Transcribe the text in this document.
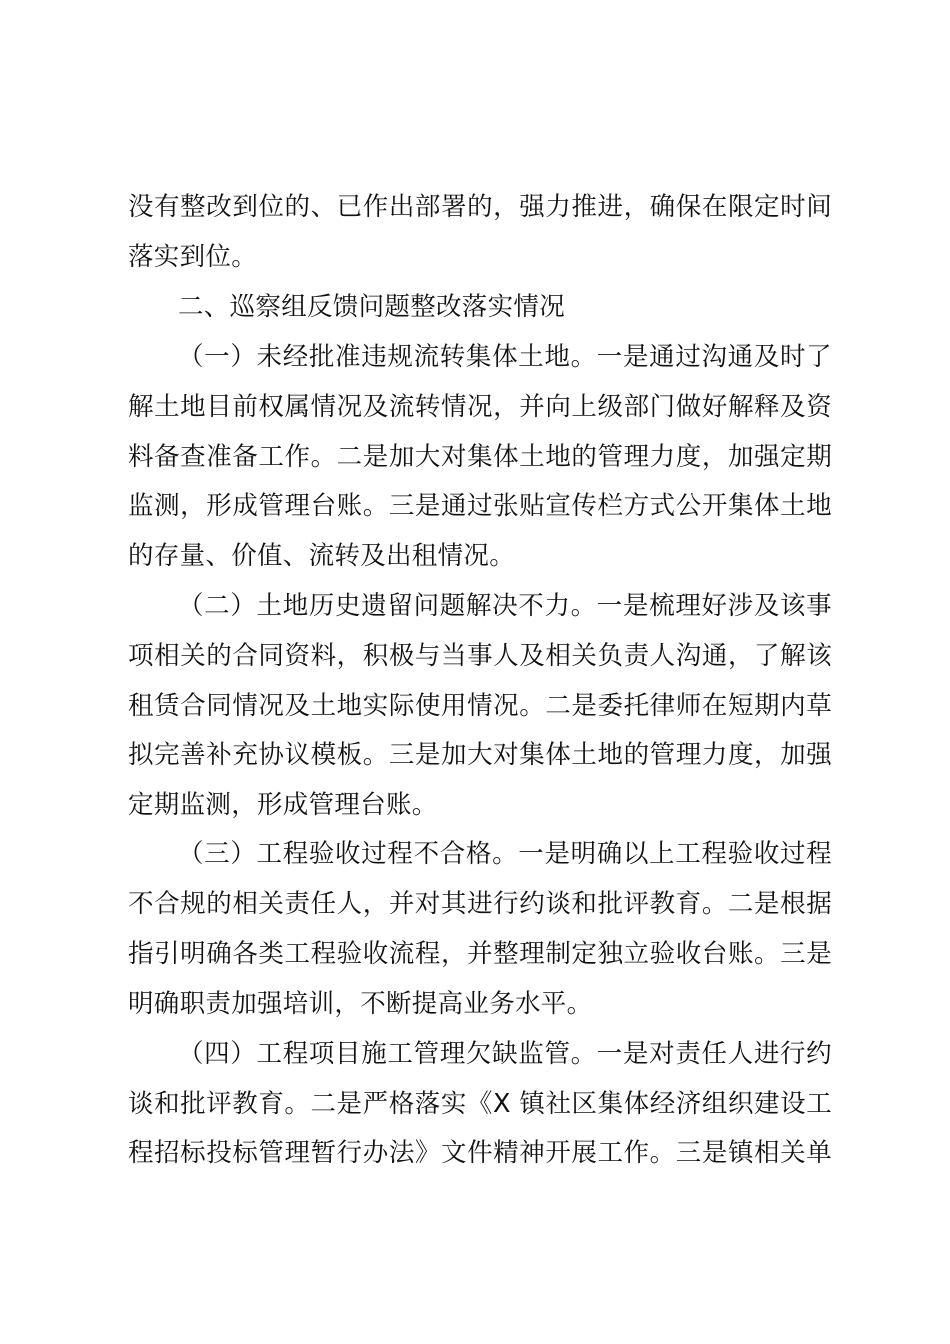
没有整改到位的、已作出部署的，强力推进，确保在限定时间
落实到位。
二、巡察组反馈问题整改落实情况
（一）未经批准违规流转集体土地。一是通过沟通及时了
解土地目前权属情况及流转情况，并向上级部门做好解释及资
料备查准备工作。二是加大对集体土地的管理力度，加强定期
监测，形成管理台账。三是通过张贴宣传栏方式公开集体土地
的存量、价值、流转及出租情况。
（二）土地历史遗留问题解决不力。一是梳理好涉及该事
项相关的合同资料，积极与当事人及相关负责人沟通，了解该
租赁合同情况及土地实际使用情况。二是委托律师在短期内草
拟完善补充协议模板。三是加大对集体土地的管理力度，加强
定期监测，形成管理台账。
（三）工程验收过程不合格。一是明确以上工程验收过程
不合规的相关责任人，并对其进行约谈和批评教育。二是根据
指引明确各类工程验收流程，并整理制定独立验收台账。三是
明确职责加强培训，不断提高业务水平。
（四）工程项目施工管理欠缺监管。一是对责任人进行约
谈和批评教育。二是严格落实《X 镇社区集体经济组织建设工
程招标投标管理暂行办法》文件精神开展工作。三是镇相关单
